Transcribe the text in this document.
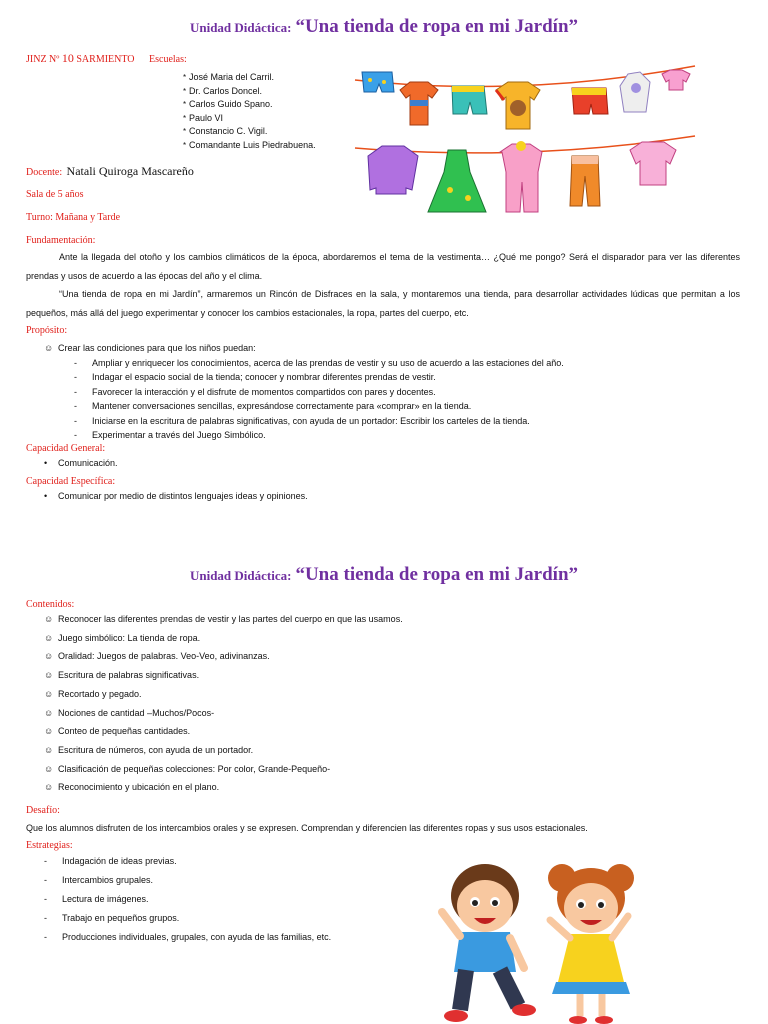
Unidad Didáctica: “Una tienda de ropa en mi Jardín”
JINZ Nº 10 SARMIENTO Escuelas:
* José Maria del Carril.
* Dr. Carlos Doncel.
* Carlos Guido Spano.
* Paulo VI
* Constancio C. Vigil.
* Comandante Luis Piedrabuena.
Docente: Natali Quiroga Mascareño
Sala de 5 años
Turno: Mañana y Tarde
Fundamentación:
Ante la llegada del otoño y los cambios climáticos de la época, abordaremos el tema de la vestimenta… ¿Qué me pongo? Será el disparador para ver las diferentes prendas y usos de acuerdo a las épocas del año y el clima.
“Una tienda de ropa en mi Jardín”, armaremos un Rincón de Disfraces en la sala, y montaremos una tienda, para desarrollar actividades lúdicas que permitan a los pequeños, más allá del juego experimentar y conocer los cambios estacionales, la ropa, partes del cuerpo, etc.
Propósito:
☺ Crear las condiciones para que los niños puedan:
- Ampliar y enriquecer los conocimientos, acerca de las prendas de vestir y su uso de acuerdo a las estaciones del año.
- Indagar el espacio social de la tienda; conocer y nombrar diferentes prendas de vestir.
- Favorecer la interacción y el disfrute de momentos compartidos con pares y docentes.
- Mantener conversaciones sencillas, expresándose correctamente para «comprar» en la tienda.
- Iniciarse en la escritura de palabras significativas, con ayuda de un portador: Escribir los carteles de la tienda.
- Experimentar a través del Juego Simbólico.
Capacidad General:
• Comunicación.
Capacidad Específica:
• Comunicar por medio de distintos lenguajes ideas y opiniones.
Unidad Didáctica: “Una tienda de ropa en mi Jardín”
Contenidos:
☺ Reconocer las diferentes prendas de vestir y las partes del cuerpo en que las usamos.
☺ Juego simbólico: La tienda de ropa.
☺ Oralidad: Juegos de palabras. Veo-Veo, adivinanzas.
☺ Escritura de palabras significativas.
☺ Recortado y pegado.
☺ Nociones de cantidad –Muchos/Pocos-
☺ Conteo de pequeñas cantidades.
☺ Escritura de números, con ayuda de un portador.
☺ Clasificación de pequeñas colecciones: Por color, Grande-Pequeño-
☺ Reconocimiento y ubicación en el plano.
Desafío:
Que los alumnos disfruten de los intercambios orales y se expresen. Comprendan y diferencien las diferentes ropas y sus usos estacionales.
Estrategias:
- Indagación de ideas previas.
- Intercambios grupales.
- Lectura de imágenes.
- Trabajo en pequeños grupos.
- Producciones individuales, grupales, con ayuda de las familias, etc.
